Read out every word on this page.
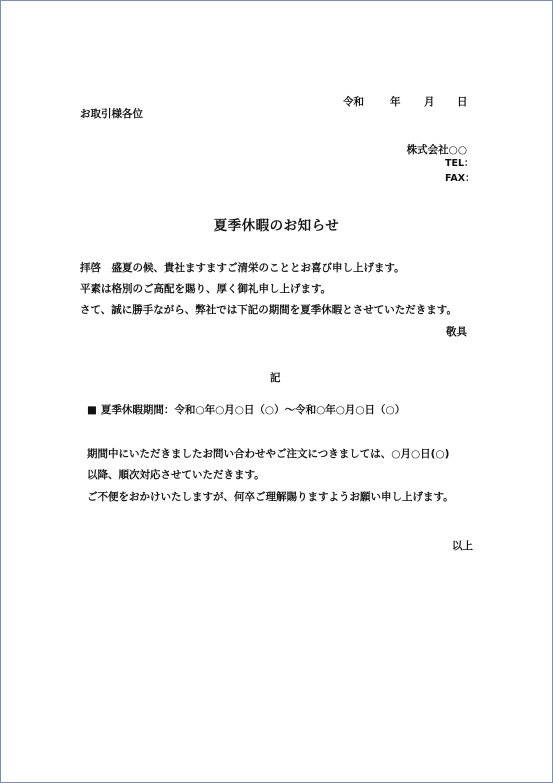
令和 年 月 日
お取引様各位
株式会社○○
TEL：
FAX：
夏季休暇のお知らせ
拝啓　盛夏の候、貴社ますますご清栄のこととお喜び申し上げます。
平素は格別のご高配を賜り、厚く御礼申し上げます。
さて、誠に勝手ながら、弊社では下記の期間を夏季休暇とさせていただきます。
敬具
記
■ 夏季休暇期間：令和○年○月○日（○）～令和○年○月○日（○）
期間中にいただきましたお問い合わせやご注文につきましては、○月○日(○)
以降、順次対応させていただきます。
ご不便をおかけいたしますが、何卒ご理解賜りますようお願い申し上げます。
以上
